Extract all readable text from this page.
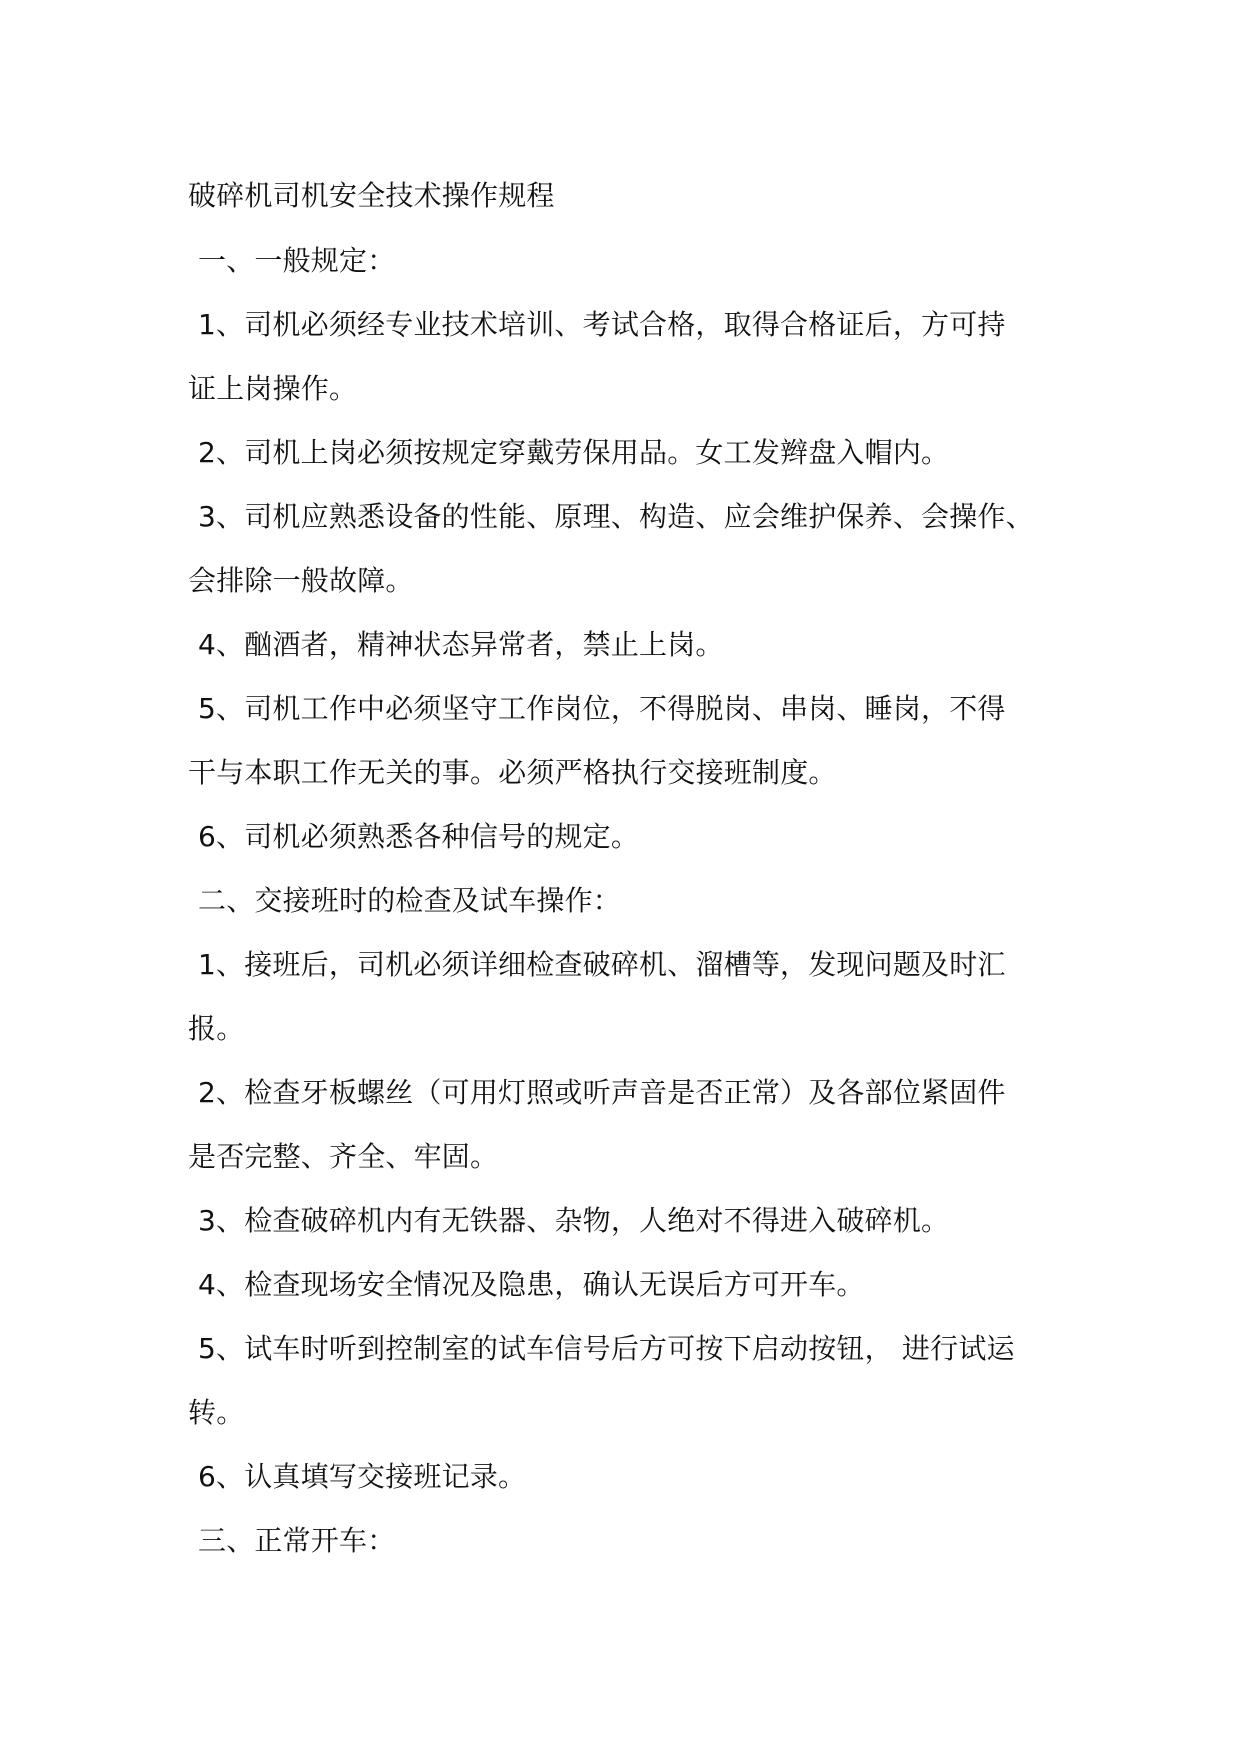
破碎机司机安全技术操作规程
一、一般规定：
1、司机必须经专业技术培训、考试合格，取得合格证后，方可持
证上岗操作。
2、司机上岗必须按规定穿戴劳保用品。女工发辫盘入帽内。
3、司机应熟悉设备的性能、原理、构造、应会维护保养、会操作、
会排除一般故障。
4、酗酒者，精神状态异常者，禁止上岗。
5、司机工作中必须坚守工作岗位，不得脱岗、串岗、睡岗，不得
干与本职工作无关的事。必须严格执行交接班制度。
6、司机必须熟悉各种信号的规定。
二、交接班时的检查及试车操作：
1、接班后，司机必须详细检查破碎机、溜槽等，发现问题及时汇
报。
2、检查牙板螺丝（可用灯照或听声音是否正常）及各部位紧固件
是否完整、齐全、牢固。
3、检查破碎机内有无铁器、杂物，人绝对不得进入破碎机。
4、检查现场安全情况及隐患，确认无误后方可开车。
5、试车时听到控制室的试车信号后方可按下启动按钮， 进行试运
转。
6、认真填写交接班记录。
三、正常开车：
